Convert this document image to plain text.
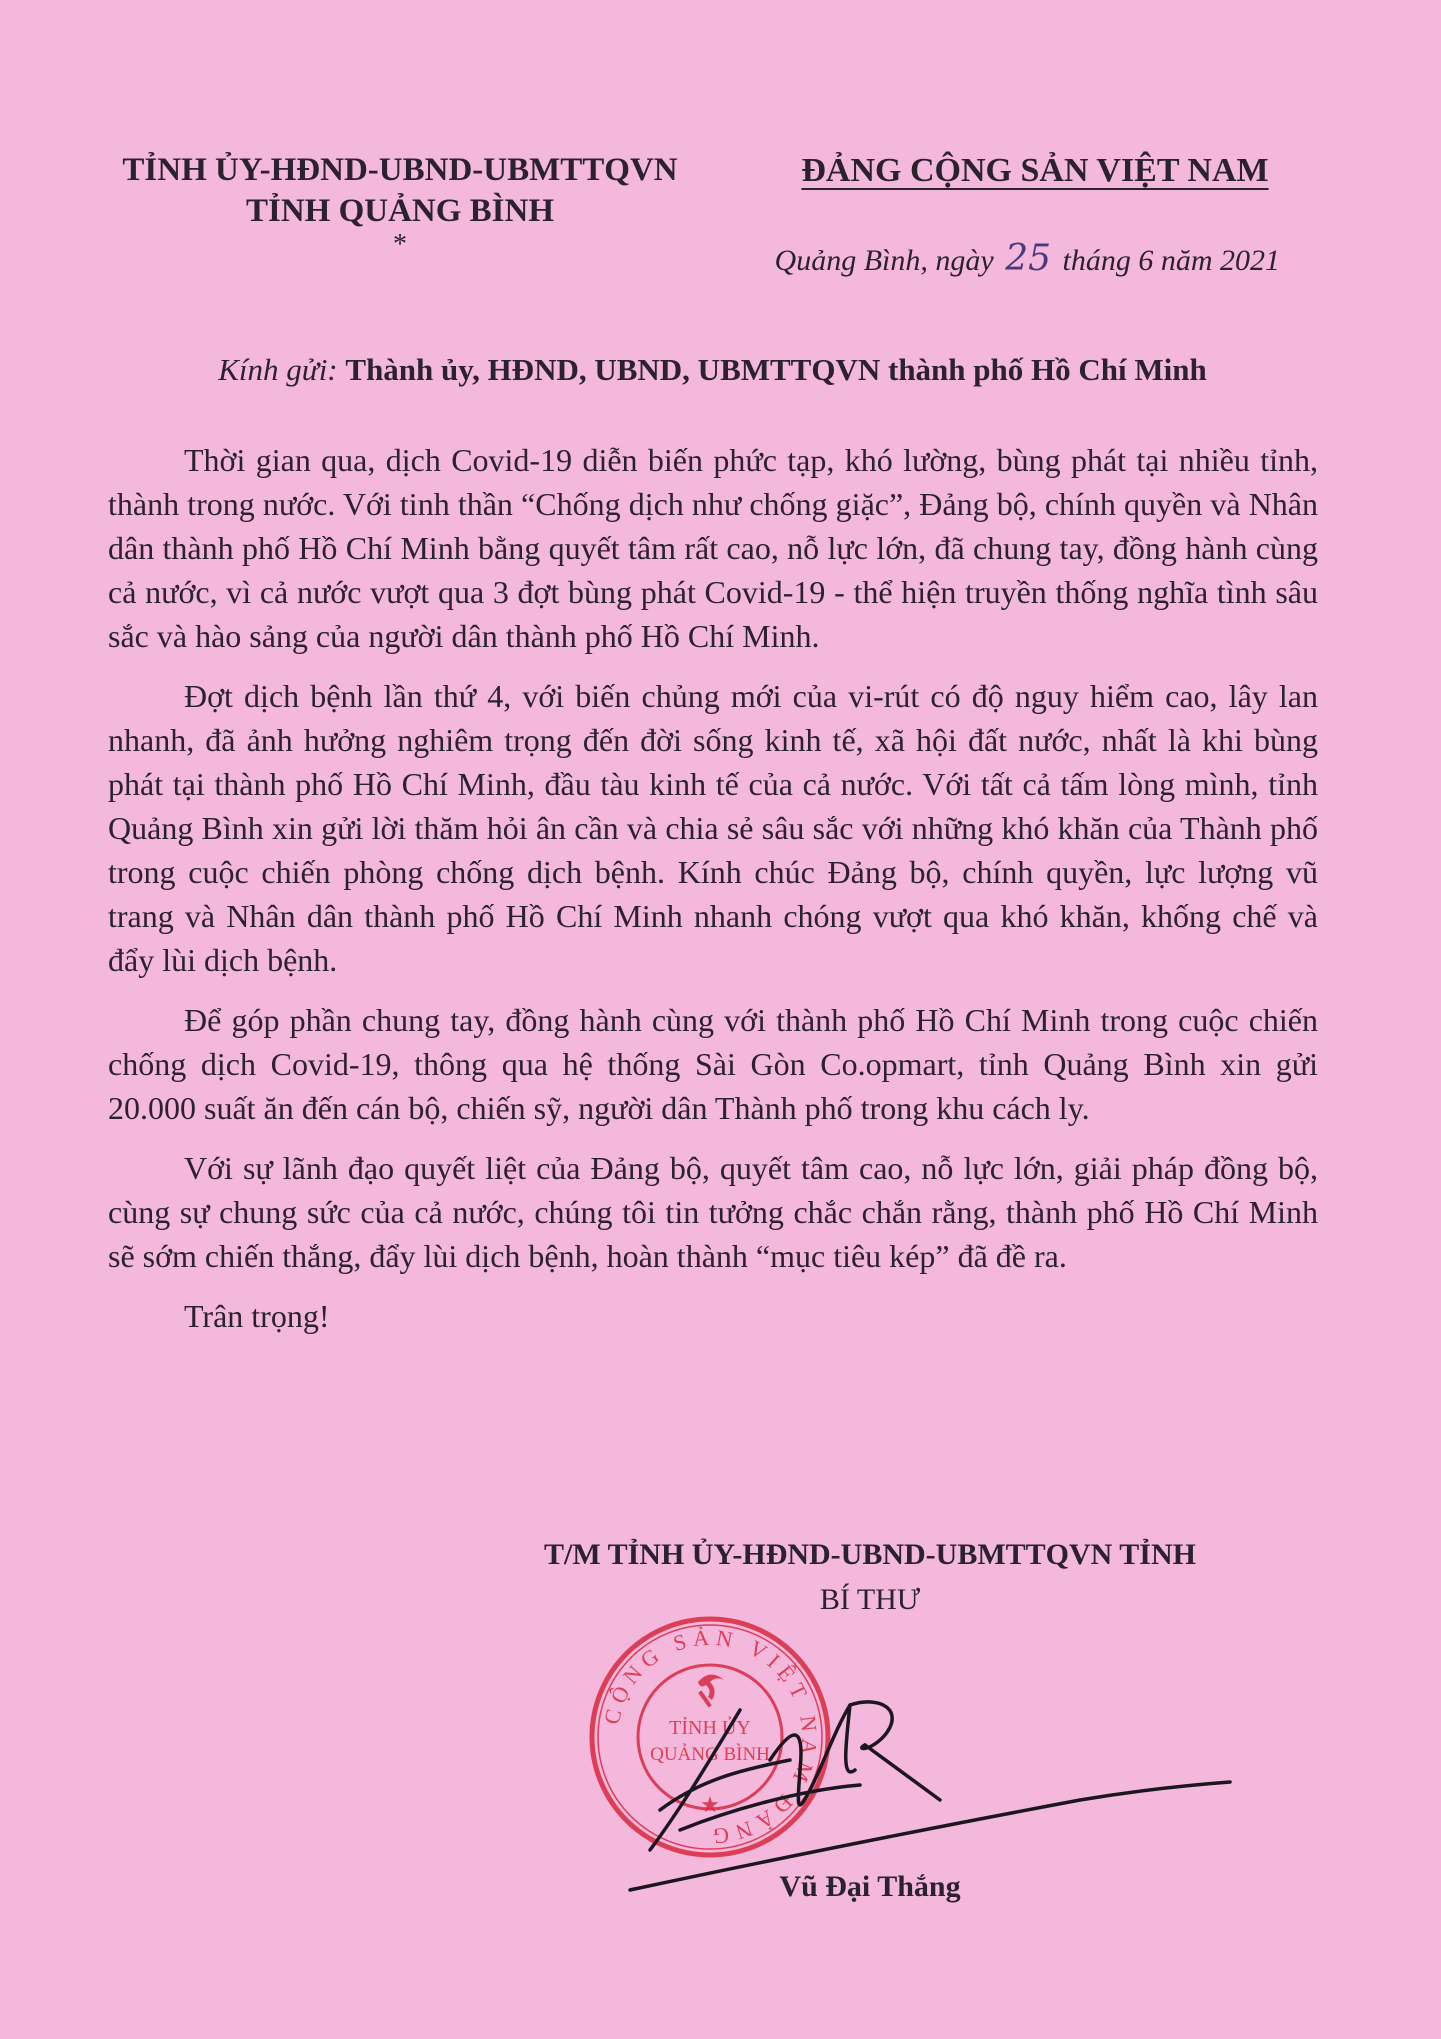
TỈNH ỦY-HĐND-UBND-UBMTTQVN
TỈNH QUẢNG BÌNH
*
ĐẢNG CỘNG SẢN VIỆT NAM
Quảng Bình, ngày 25 tháng 6 năm 2021
Kính gửi: Thành ủy, HĐND, UBND, UBMTTQVN thành phố Hồ Chí Minh

Thời gian qua, dịch Covid-19 diễn biến phức tạp, khó lường, bùng phát tại nhiều tỉnh, thành trong nước. Với tinh thần “Chống dịch như chống giặc”, Đảng bộ, chính quyền và Nhân dân thành phố Hồ Chí Minh bằng quyết tâm rất cao, nỗ lực lớn, đã chung tay, đồng hành cùng cả nước, vì cả nước vượt qua 3 đợt bùng phát Covid-19 - thể hiện truyền thống nghĩa tình sâu sắc và hào sảng của người dân thành phố Hồ Chí Minh.

Đợt dịch bệnh lần thứ 4, với biến chủng mới của vi-rút có độ nguy hiểm cao, lây lan nhanh, đã ảnh hưởng nghiêm trọng đến đời sống kinh tế, xã hội đất nước, nhất là khi bùng phát tại thành phố Hồ Chí Minh, đầu tàu kinh tế của cả nước. Với tất cả tấm lòng mình, tỉnh Quảng Bình xin gửi lời thăm hỏi ân cần và chia sẻ sâu sắc với những khó khăn của Thành phố trong cuộc chiến phòng chống dịch bệnh. Kính chúc Đảng bộ, chính quyền, lực lượng vũ trang và Nhân dân thành phố Hồ Chí Minh nhanh chóng vượt qua khó khăn, khống chế và đẩy lùi dịch bệnh.

Để góp phần chung tay, đồng hành cùng với thành phố Hồ Chí Minh trong cuộc chiến chống dịch Covid-19, thông qua hệ thống Sài Gòn Co.opmart, tỉnh Quảng Bình xin gửi 20.000 suất ăn đến cán bộ, chiến sỹ, người dân Thành phố trong khu cách ly.

Với sự lãnh đạo quyết liệt của Đảng bộ, quyết tâm cao, nỗ lực lớn, giải pháp đồng bộ, cùng sự chung sức của cả nước, chúng tôi tin tưởng chắc chắn rằng, thành phố Hồ Chí Minh sẽ sớm chiến thắng, đẩy lùi dịch bệnh, hoàn thành “mục tiêu kép” đã đề ra.

Trân trọng!

T/M TỈNH ỦY-HĐND-UBND-UBMTTQVN TỈNH
BÍ THƯ
CỘNG SẢN VIỆT NAM ĐẢNG
TỈNH ỦY
QUẢNG BÌNH
★
Vũ Đại Thắng
